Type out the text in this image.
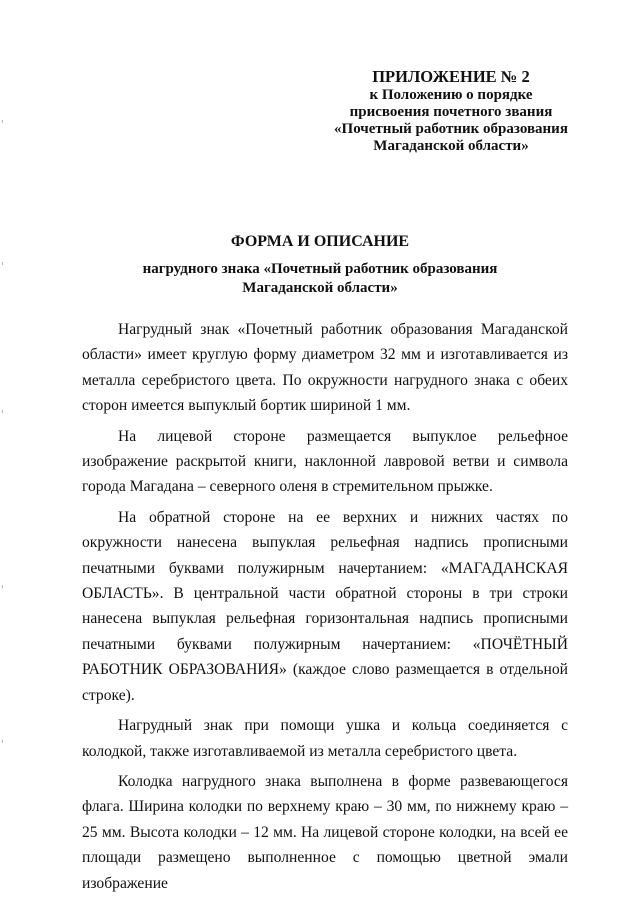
ПРИЛОЖЕНИЕ № 2
к Положению о порядке
присвоения почетного звания
«Почетный работник образования
Магаданской области»
ФОРМА И ОПИСАНИЕ
нагрудного знака «Почетный работник образования
Магаданской области»

Нагрудный знак «Почетный работник образования Магаданской области» имеет круглую форму диаметром 32 мм и изготавливается из металла серебристого цвета. По окружности нагрудного знака с обеих сторон имеется выпуклый бортик шириной 1 мм.

На лицевой стороне размещается выпуклое рельефное изображение раскрытой книги, наклонной лавровой ветви и символа города Магадана – северного оленя в стремительном прыжке.

На обратной стороне на ее верхних и нижних частях по окружности нанесена выпуклая рельефная надпись прописными печатными буквами полужирным начертанием: «МАГАДАНСКАЯ ОБЛАСТЬ». В центральной части обратной стороны в три строки нанесена выпуклая рельефная горизонтальная надпись прописными печатными буквами полужирным начертанием: «ПОЧЁТНЫЙ РАБОТНИК ОБРАЗОВАНИЯ» (каждое слово размещается в отдельной строке).

Нагрудный знак при помощи ушка и кольца соединяется с колодкой, также изготавливаемой из металла серебристого цвета.

Колодка нагрудного знака выполнена в форме развевающегося флага. Ширина колодки по верхнему краю – 30 мм, по нижнему краю – 25 мм. Высота колодки – 12 мм. На лицевой стороне колодки, на всей ее площади размещено выполненное с помощью цветной эмали изображение
